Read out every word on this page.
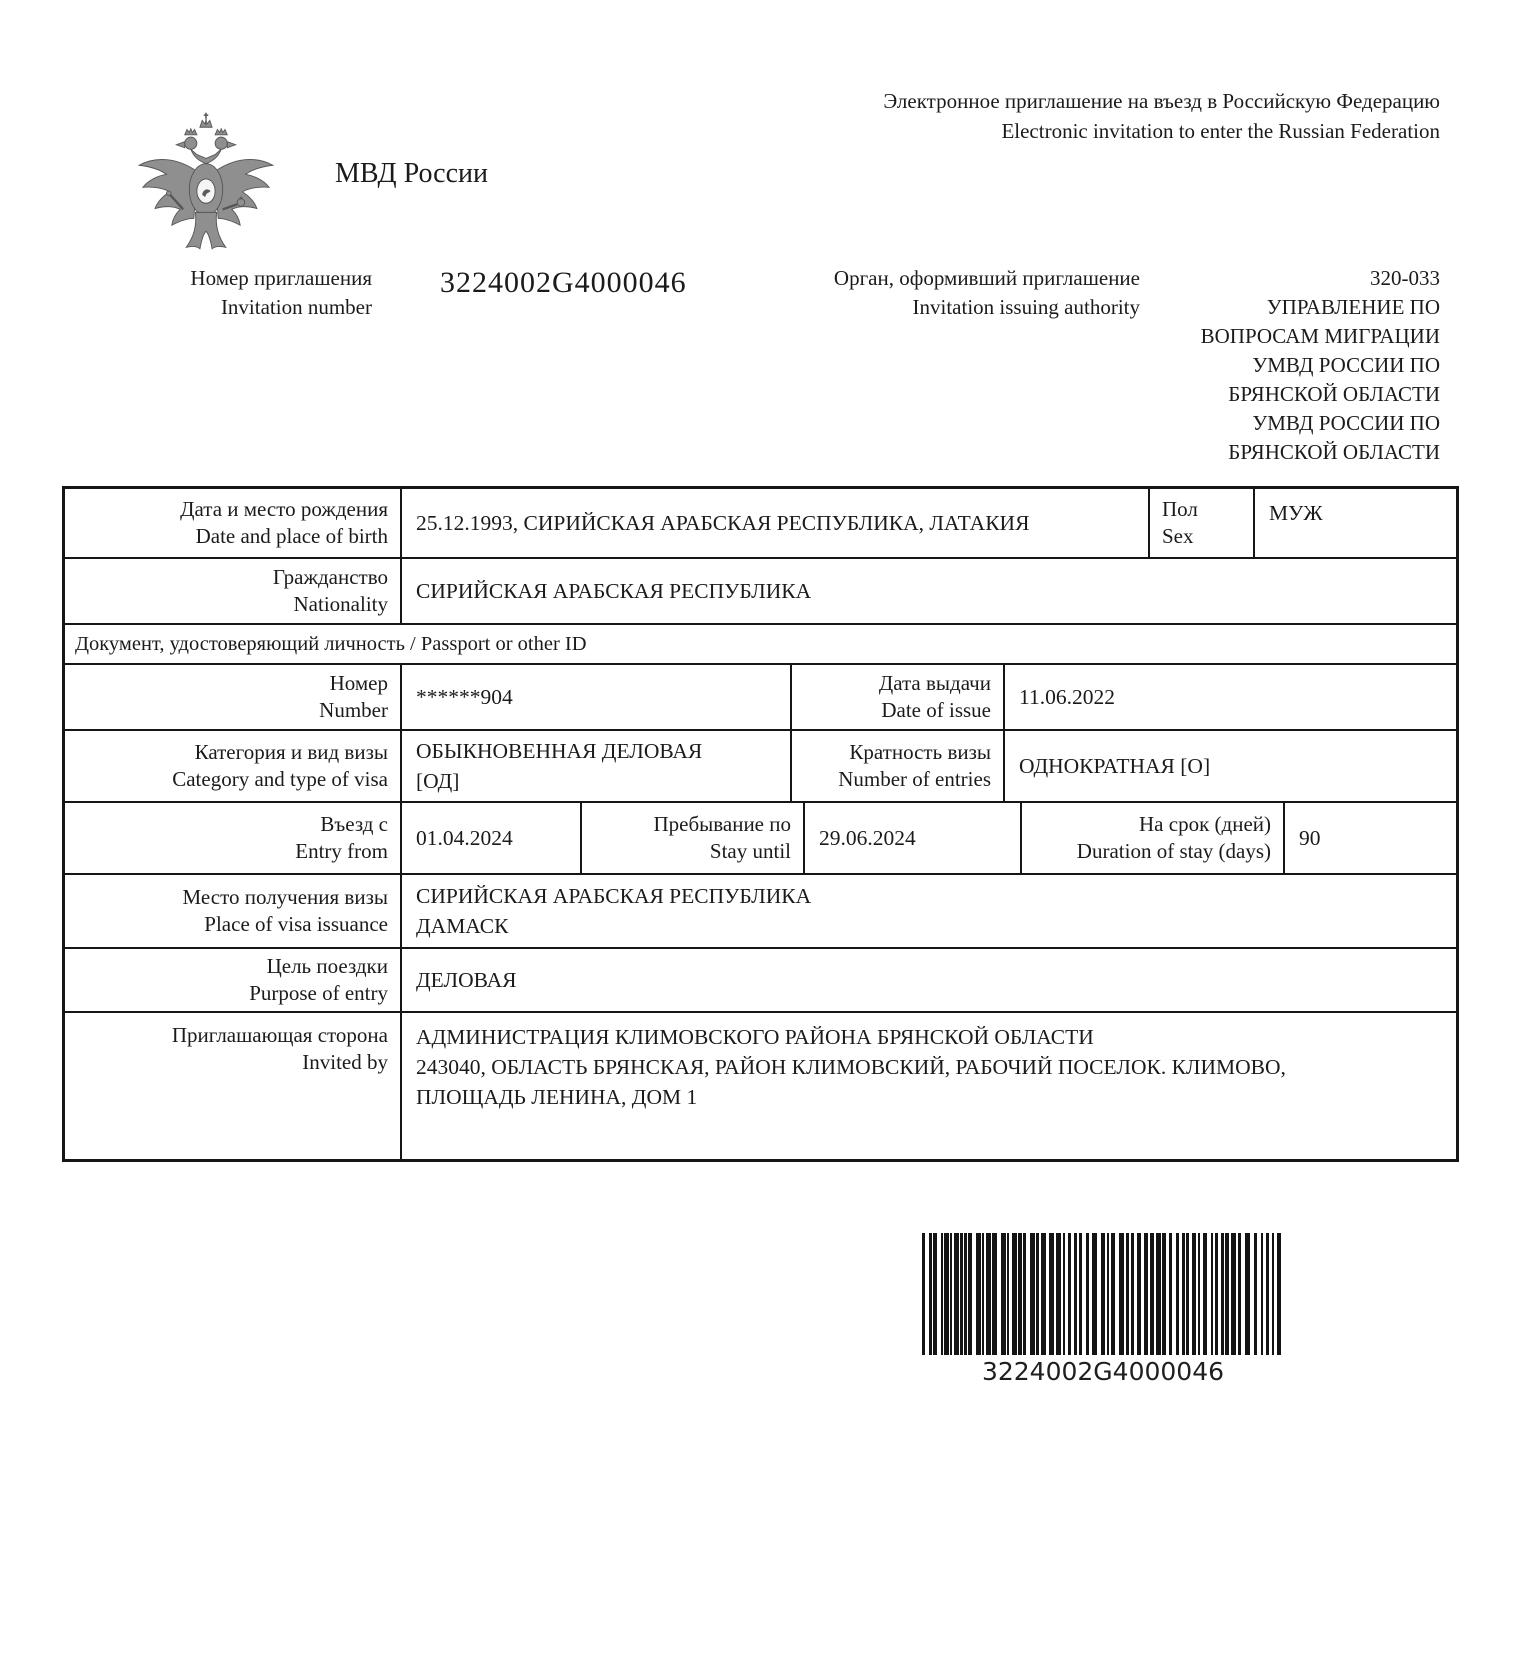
МВД России
Электронное приглашение на въезд в Российскую Федерацию
Electronic invitation to enter the Russian Federation
Номер приглашения
Invitation number
3224002G4000046	Орган, оформивший приглашение
Invitation issuing authority
320-033
УПРАВЛЕНИЕ ПО
ВОПРОСАМ МИГРАЦИИ
УМВД РОССИИ ПО
БРЯНСКОЙ ОБЛАСТИ
УМВД РОССИИ ПО
БРЯНСКОЙ ОБЛАСТИ
Дата и место рождения
Date and place of birth
25.12.1993, СИРИЙСКАЯ АРАБСКАЯ РЕСПУБЛИКА, ЛАТАКИЯ
Пол
Sex
МУЖ
Гражданство
Nationality
СИРИЙСКАЯ АРАБСКАЯ РЕСПУБЛИКА
Документ, удостоверяющий личность / Passport or other ID
Номер
Number
******904
Дата выдачи
Date of issue
11.06.2022
Категория и вид визы
Category and type of visa
ОБЫКНОВЕННАЯ ДЕЛОВАЯ
[ОД]
Кратность визы
Number of entries
ОДНОКРАТНАЯ [О]
Въезд с
Entry from
01.04.2024
Пребывание по
Stay until
29.06.2024
На срок (дней)
Duration of stay (days)
90
Место получения визы
Place of visa issuance
СИРИЙСКАЯ АРАБСКАЯ РЕСПУБЛИКА
ДАМАСК
Цель поездки
Purpose of entry
ДЕЛОВАЯ
Приглашающая сторона
Invited by
АДМИНИСТРАЦИЯ КЛИМОВСКОГО РАЙОНА БРЯНСКОЙ ОБЛАСТИ
243040, ОБЛАСТЬ БРЯНСКАЯ, РАЙОН КЛИМОВСКИЙ, РАБОЧИЙ ПОСЕЛОК. КЛИМОВО,
ПЛОЩАДЬ ЛЕНИНА, ДОМ 1
3224002G4000046
